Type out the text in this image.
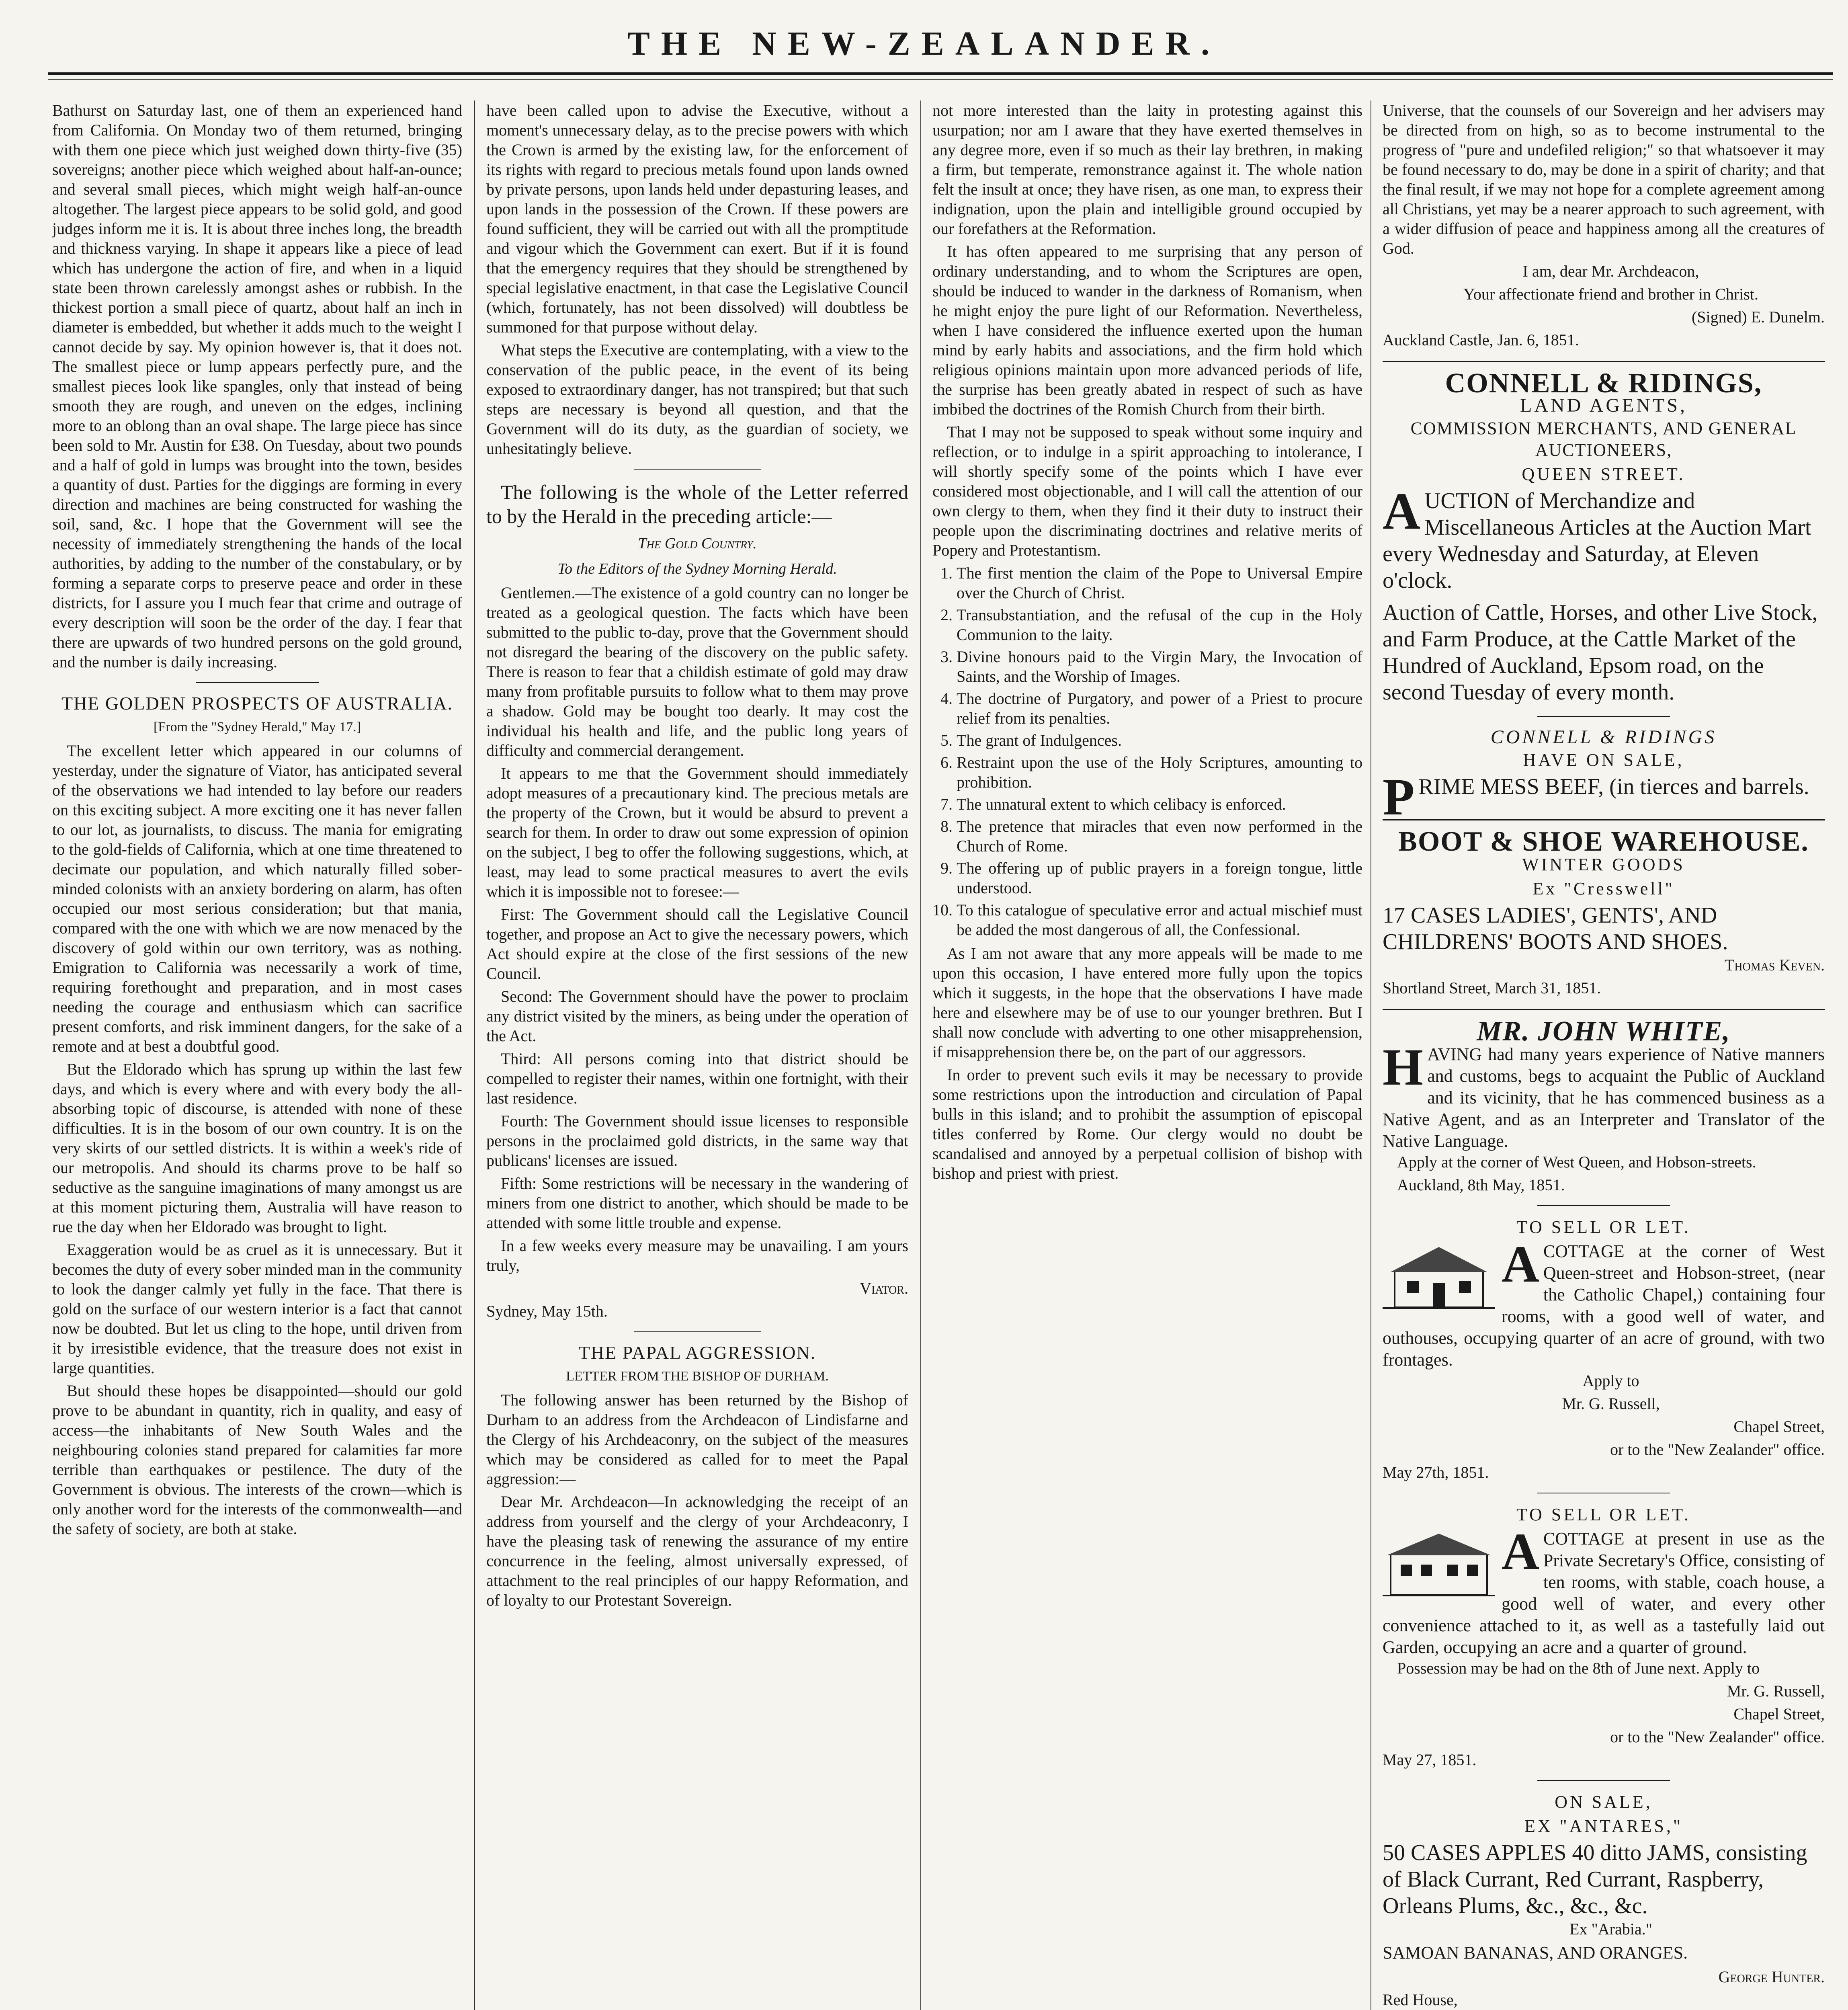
THE NEW-ZEALANDER.

Bathurst on Saturday last, one of them an experienced hand from California. On Monday two of them returned, bringing with them one piece which just weighed down thirty-five (35) sovereigns; another piece which weighed about half-an-ounce; and several small pieces, which might weigh half-an-ounce altogether. The largest piece appears to be solid gold, and good judges inform me it is. It is about three inches long, the breadth and thickness varying. In shape it appears like a piece of lead which has undergone the action of fire, and when in a liquid state been thrown carelessly amongst ashes or rubbish. In the thickest portion a small piece of quartz, about half an inch in diameter is embedded, but whether it adds much to the weight I cannot decide by say. My opinion however is, that it does not. The smallest piece or lump appears perfectly pure, and the smallest pieces look like spangles, only that instead of being smooth they are rough, and uneven on the edges, inclining more to an oblong than an oval shape. The large piece has since been sold to Mr. Austin for £38. On Tuesday, about two pounds and a half of gold in lumps was brought into the town, besides a quantity of dust. Parties for the diggings are forming in every direction and machines are being constructed for washing the soil, sand, &c. I hope that the Government will see the necessity of immediately strengthening the hands of the local authorities, by adding to the number of the constabulary, or by forming a separate corps to preserve peace and order in these districts, for I assure you I much fear that crime and outrage of every description will soon be the order of the day. I fear that there are upwards of two hundred persons on the gold ground, and the number is daily increasing.

THE GOLDEN PROSPECTS OF AUSTRALIA.
[From the "Sydney Herald," May 17.]

The excellent letter which appeared in our columns of yesterday, under the signature of Viator, has anticipated several of the observations we had intended to lay before our readers on this exciting subject. A more exciting one it has never fallen to our lot, as journalists, to discuss. The mania for emigrating to the gold-fields of California, which at one time threatened to decimate our population, and which naturally filled sober-minded colonists with an anxiety bordering on alarm, has often occupied our most serious consideration; but that mania, compared with the one with which we are now menaced by the discovery of gold within our own territory, was as nothing. Emigration to California was necessarily a work of time, requiring forethought and preparation, and in most cases needing the courage and enthusiasm which can sacrifice present comforts, and risk imminent dangers, for the sake of a remote and at best a doubtful good.

But the Eldorado which has sprung up within the last few days, and which is every where and with every body the all-absorbing topic of discourse, is attended with none of these difficulties. It is in the bosom of our own country. It is on the very skirts of our settled districts. It is within a week's ride of our metropolis. And should its charms prove to be half so seductive as the sanguine imaginations of many amongst us are at this moment picturing them, Australia will have reason to rue the day when her Eldorado was brought to light.

Exaggeration would be as cruel as it is unnecessary. But it becomes the duty of every sober minded man in the community to look the danger calmly yet fully in the face. That there is gold on the surface of our western interior is a fact that cannot now be doubted. But let us cling to the hope, until driven from it by irresistible evidence, that the treasure does not exist in large quantities.

But should these hopes be disappointed—should our gold prove to be abundant in quantity, rich in quality, and easy of access—the inhabitants of New South Wales and the neighbouring colonies stand prepared for calamities far more terrible than earthquakes or pestilence. The duty of the Government is obvious. The interests of the crown—which is only another word for the interests of the commonwealth—and the safety of society, are both at stake.

have been called upon to advise the Executive, without a moment's unnecessary delay, as to the precise powers with which the Crown is armed by the existing law, for the enforcement of its rights with regard to precious metals found upon lands owned by private persons, upon lands held under depasturing leases, and upon lands in the possession of the Crown. If these powers are found sufficient, they will be carried out with all the promptitude and vigour which the Government can exert. But if it is found that the emergency requires that they should be strengthened by special legislative enactment, in that case the Legislative Council (which, fortunately, has not been dissolved) will doubtless be summoned for that purpose without delay.

What steps the Executive are contemplating, with a view to the conservation of the public peace, in the event of its being exposed to extraordinary danger, has not transpired; but that such steps are necessary is beyond all question, and that the Government will do its duty, as the guardian of society, we unhesitatingly believe.

The following is the whole of the Letter referred to by the Herald in the preceding article:—

The Gold Country.
To the Editors of the Sydney Morning Herald.

Gentlemen.—The existence of a gold country can no longer be treated as a geological question. The facts which have been submitted to the public to-day, prove that the Government should not disregard the bearing of the discovery on the public safety. There is reason to fear that a childish estimate of gold may draw many from profitable pursuits to follow what to them may prove a shadow. Gold may be bought too dearly. It may cost the individual his health and life, and the public long years of difficulty and commercial derangement.

It appears to me that the Government should immediately adopt measures of a precautionary kind. The precious metals are the property of the Crown, but it would be absurd to prevent a search for them. In order to draw out some expression of opinion on the subject, I beg to offer the following suggestions, which, at least, may lead to some practical measures to avert the evils which it is impossible not to foresee:—

First: The Government should call the Legislative Council together, and propose an Act to give the necessary powers, which Act should expire at the close of the first sessions of the new Council.

Second: The Government should have the power to proclaim any district visited by the miners, as being under the operation of the Act.

Third: All persons coming into that district should be compelled to register their names, within one fortnight, with their last residence.

Fourth: The Government should issue licenses to responsible persons in the proclaimed gold districts, in the same way that publicans' licenses are issued.

Fifth: Some restrictions will be necessary in the wandering of miners from one district to another, which should be made to be attended with some little trouble and expense.

In a few weeks every measure may be unavailing. I am yours truly,

Viator.

Sydney, May 15th.

THE PAPAL AGGRESSION.
LETTER FROM THE BISHOP OF DURHAM.

The following answer has been returned by the Bishop of Durham to an address from the Archdeacon of Lindisfarne and the Clergy of his Archdeaconry, on the subject of the measures which may be considered as called for to meet the Papal aggression:—

Dear Mr. Archdeacon—In acknowledging the receipt of an address from yourself and the clergy of your Archdeaconry, I have the pleasing task of renewing the assurance of my entire concurrence in the feeling, almost universally expressed, of attachment to the real principles of our happy Reformation, and of loyalty to our Protestant Sovereign.

not more interested than the laity in protesting against this usurpation; nor am I aware that they have exerted themselves in any degree more, even if so much as their lay brethren, in making a firm, but temperate, remonstrance against it. The whole nation felt the insult at once; they have risen, as one man, to express their indignation, upon the plain and intelligible ground occupied by our forefathers at the Reformation.

It has often appeared to me surprising that any person of ordinary understanding, and to whom the Scriptures are open, should be induced to wander in the darkness of Romanism, when he might enjoy the pure light of our Reformation. Nevertheless, when I have considered the influence exerted upon the human mind by early habits and associations, and the firm hold which religious opinions maintain upon more advanced periods of life, the surprise has been greatly abated in respect of such as have imbibed the doctrines of the Romish Church from their birth.

That I may not be supposed to speak without some inquiry and reflection, or to indulge in a spirit approaching to intolerance, I will shortly specify some of the points which I have ever considered most objectionable, and I will call the attention of our own clergy to them, when they find it their duty to instruct their people upon the discriminating doctrines and relative merits of Popery and Protestantism.

1. The first mention the claim of the Pope to Universal Empire over the Church of Christ.
2. Transubstantiation, and the refusal of the cup in the Holy Communion to the laity.
3. Divine honours paid to the Virgin Mary, the Invocation of Saints, and the Worship of Images.
4. The doctrine of Purgatory, and power of a Priest to procure relief from its penalties.
5. The grant of Indulgences.
6. Restraint upon the use of the Holy Scriptures, amounting to prohibition.
7. The unnatural extent to which celibacy is enforced.
8. The pretence that miracles that even now performed in the Church of Rome.
9. The offering up of public prayers in a foreign tongue, little understood.
10. To this catalogue of speculative error and actual mischief must be added the most dangerous of all, the Confessional.

As I am not aware that any more appeals will be made to me upon this occasion, I have entered more fully upon the topics which it suggests, in the hope that the observations I have made here and elsewhere may be of use to our younger brethren. But I shall now conclude with adverting to one other misapprehension, if misapprehension there be, on the part of our aggressors.

In order to prevent such evils it may be necessary to provide some restrictions upon the introduction and circulation of Papal bulls in this island; and to prohibit the assumption of episcopal titles conferred by Rome. Our clergy would no doubt be scandalised and annoyed by a perpetual collision of bishop with bishop and priest with priest.

Universe, that the counsels of our Sovereign and her advisers may be directed from on high, so as to become instrumental to the progress of "pure and undefiled religion;" so that whatsoever it may be found necessary to do, may be done in a spirit of charity; and that the final result, if we may not hope for a complete agreement among all Christians, yet may be a nearer approach to such agreement, with a wider diffusion of peace and happiness among all the creatures of God.

I am, dear Mr. Archdeacon,

Your affectionate friend and brother in Christ.

(Signed) E. Dunelm.

Auckland Castle, Jan. 6, 1851.

CONNELL & RIDINGS,
LAND AGENTS,
COMMISSION MERCHANTS, AND GENERAL AUCTIONEERS,
QUEEN STREET.
AUCTION of Merchandize and Miscellaneous Articles at the Auction Mart every Wednesday and Saturday, at Eleven o'clock.
Auction of Cattle, Horses, and other Live Stock, and Farm Produce, at the Cattle Market of the Hundred of Auckland, Epsom road, on the second Tuesday of every month.
CONNELL & RIDINGS
HAVE ON SALE,
PRIME MESS BEEF, (in tierces and barrels.
BOOT & SHOE WAREHOUSE.
WINTER GOODS
Ex "Cresswell"
17 CASES LADIES', GENTS', AND CHILDRENS' BOOTS AND SHOES.

Thomas Keven.

Shortland Street, March 31, 1851.

MR. JOHN WHITE,
HAVING had many years experience of Native manners and customs, begs to acquaint the Public of Auckland and its vicinity, that he has commenced business as a Native Agent, and as an Interpreter and Translator of the Native Language.

Apply at the corner of West Queen, and Hobson-streets.

Auckland, 8th May, 1851.

TO SELL OR LET.
ACOTTAGE at the corner of West Queen-street and Hobson-street, (near the Catholic Chapel,) containing four rooms, with a good well of water, and outhouses, occupying quarter of an acre of ground, with two frontages.

Apply to

Mr. G. Russell,

Chapel Street,

or to the "New Zealander" office.

May 27th, 1851.

TO SELL OR LET.
ACOTTAGE at present in use as the Private Secretary's Office, consisting of ten rooms, with stable, coach house, a good well of water, and every other convenience attached to it, as well as a tastefully laid out Garden, occupying an acre and a quarter of ground.

Possession may be had on the 8th of June next. Apply to

Mr. G. Russell,

Chapel Street,

or to the "New Zealander" office.

May 27, 1851.

ON SALE,
EX "ANTARES,"
50 CASES APPLES 40 ditto JAMS, consisting of Black Currant, Red Currant, Raspberry, Orleans Plums, &c., &c., &c.

Ex "Arabia."

SAMOAN BANANAS, AND ORANGES.

George Hunter.

Red House,
